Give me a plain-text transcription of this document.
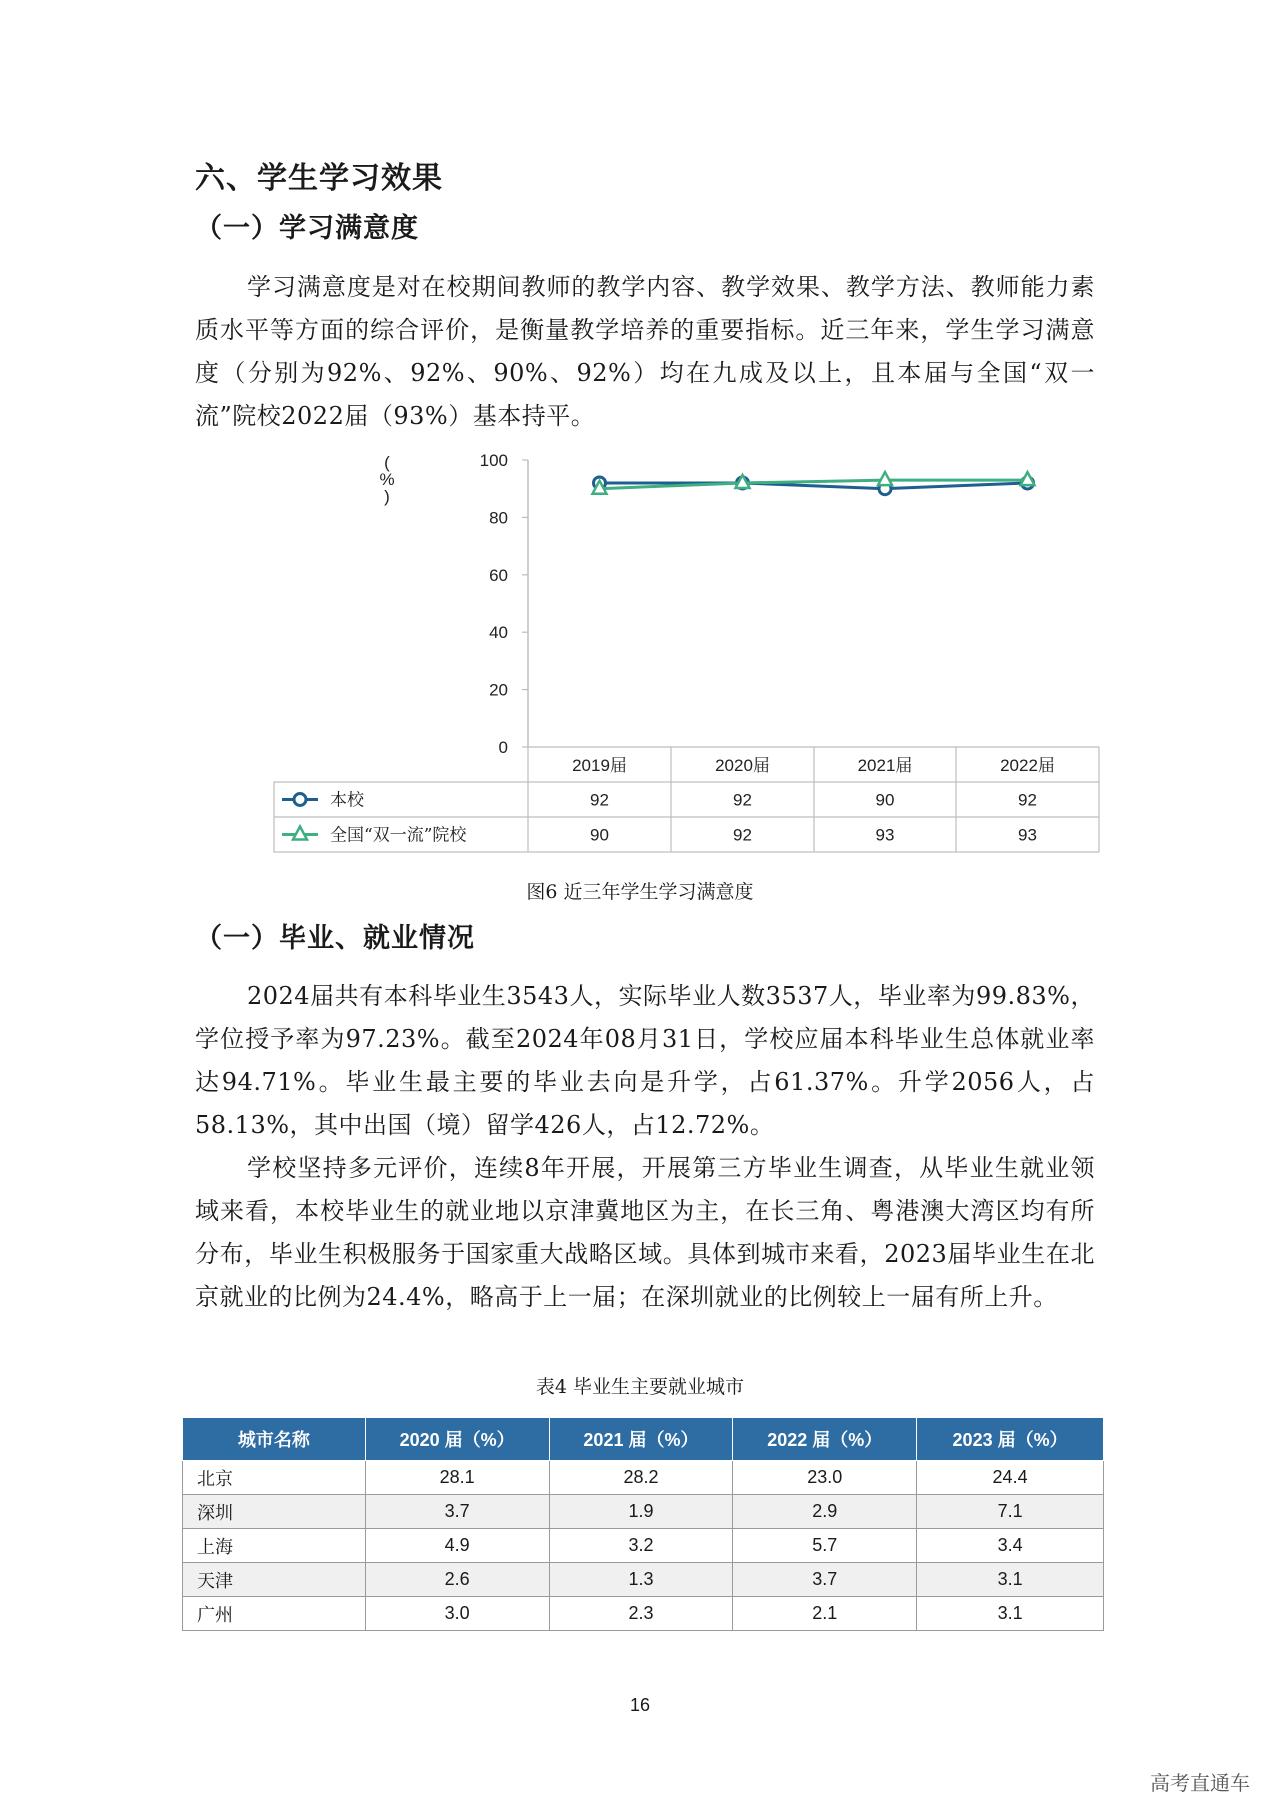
六、学生学习效果
（一）学习满意度
学习满意度是对在校期间教师的教学内容、教学效果、教学方法、教师能力素质水平等方面的综合评价，是衡量教学培养的重要指标。近三年来，学生学习满意度（分别为92%、92%、90%、92%）均在九成及以上，且本届与全国“双一流”院校2022届（93%）基本持平。
0
20
40
60
80
100
(
%
)
2019届	2020届	2021届	2022届
本校	92	92	90	92
全国“双一流”院校	90	92	93	93
图6 近三年学生学习满意度
（一）毕业、就业情况
2024届共有本科毕业生3543人，实际毕业人数3537人，毕业率为99.83%，学位授予率为97.23%。截至2024年08月31日，学校应届本科毕业生总体就业率达94.71%。毕业生最主要的毕业去向是升学，占61.37%。升学2056人，占58.13%，其中出国（境）留学426人，占12.72%。
学校坚持多元评价，连续8年开展，开展第三方毕业生调查，从毕业生就业领域来看，本校毕业生的就业地以京津冀地区为主，在长三角、粤港澳大湾区均有所分布，毕业生积极服务于国家重大战略区域。具体到城市来看，2023届毕业生在北京就业的比例为24.4%，略高于上一届；在深圳就业的比例较上一届有所上升。
表4 毕业生主要就业城市
城市名称	2020 届（%）	2021 届（%）	2022 届（%）	2023 届（%）
北京	28.1	28.2	23.0	24.4
深圳	3.7	1.9	2.9	7.1
上海	4.9	3.2	5.7	3.4
天津	2.6	1.3	3.7	3.1
广州	3.0	2.3	2.1	3.1
16
高考直通车
